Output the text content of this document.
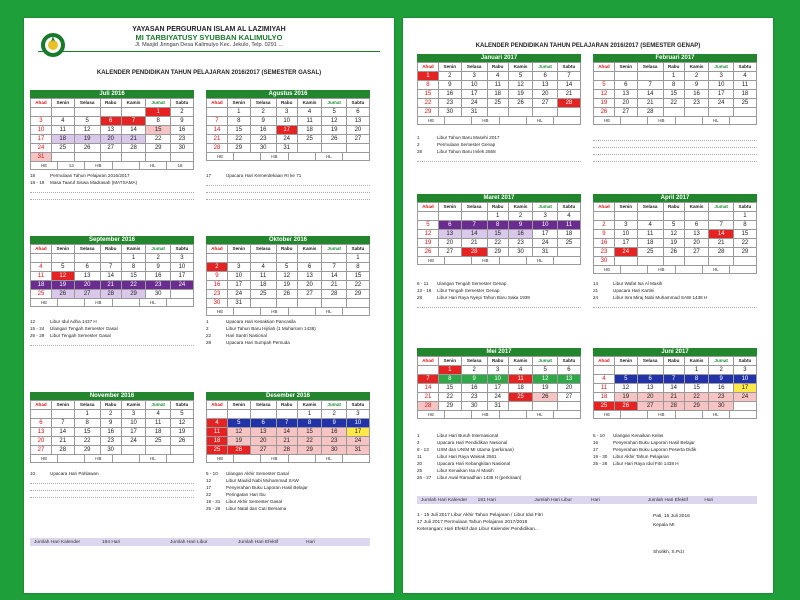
YAYASAN PERGURUAN ISLAM AL LAZIMIYAH
MI TARBIYATUSY SYUBBAN KALIMULYO
Jl. Masjid Jiringan Desa Kalimulyo Kec. Jekulo, Telp. 0291 ...
KALENDER PENDIDIKAN TAHUN PELAJARAN 2016/2017 (SEMESTER GASAL)
Juli 2016
Ahad	Senin	Selasa	Rabu	Kamis	Jumat	Sabtu
					1	2
3	4	5	6	7	8	9
10	11	12	13	14	15	16
17	18	19	20	21	22	23
24	25	26	27	28	29	30
31						
HE	13	HB	HL	18
18	Permulaan Tahun Pelajaran 2016/2017
18 - 19	Masa Taaruf Siswa Madrasah (MATSAMA)
Agustus 2016
Ahad	Senin	Selasa	Rabu	Kamis	Jumat	Sabtu
	1	2	3	4	5	6
7	8	9	10	11	12	13
14	15	16	17	18	19	20
21	22	23	24	25	26	27
28	29	30	31			
HE	HB	HL
17	Upacara Hari Kemerdekaan RI ke 71
September 2016
Ahad	Senin	Selasa	Rabu	Kamis	Jumat	Sabtu
				1	2	3
4	5	6	7	8	9	10
11	12	13	14	15	16	17
18	19	20	21	22	23	24
25	26	27	28	29	30	
HE	HB	HL
12	Libur Idul Adha 1437 H
15 - 24	Ulangan Tengah Semester Gasal
26 - 29	Libur Tengah Semester Gasal
Oktober 2016
Ahad	Senin	Selasa	Rabu	Kamis	Jumat	Sabtu
						1
2	3	4	5	6	7	8
9	10	11	12	13	14	15
16	17	18	19	20	21	22
23	24	25	26	27	28	29
30	31					
HE	HB	HL
1	Upacara Hari Kesaktian Pancasila
2	Libur Tahun Baru Hijriah (1 Muharram 1438)
22	Hari Santri Nasional
28	Upacara Hari Sumpah Pemuda
November 2016
Ahad	Senin	Selasa	Rabu	Kamis	Jumat	Sabtu
		1	2	3	4	5
6	7	8	9	10	11	12
13	14	15	16	17	18	19
20	21	22	23	24	25	26
27	28	29	30			
HE	HB	HL
10	Upacara Hari Pahlawan
Desember 2016
Ahad	Senin	Selasa	Rabu	Kamis	Jumat	Sabtu
				1	2	3
4	5	6	7	8	9	10
11	12	13	14	15	16	17
18	19	20	21	22	23	24
25	26	27	28	29	30	31
HE	HB	HL
5 - 10	Ulangan Akhir Semester Gasal
12	Libur Maulid Nabi Muhammad SAW
17	Penyerahan Buku Laporan Hasil Belajar
22	Peringatan Hari Ibu
19 - 31	Libur Akhir Semester Gasal
25 - 26	Libur Natal dan Cuti Bersama
Jumlah Hari Kalender	184 Hari	Jumlah Hari Libur	Jumlah Hari Efektif	Hari
KALENDER PENDIDIKAN TAHUN PELAJARAN 2016/2017 (SEMESTER GENAP)
Januari 2017
Ahad	Senin	Selasa	Rabu	Kamis	Jumat	Sabtu
1	2	3	4	5	6	7
8	9	10	11	12	13	14
15	16	17	18	19	20	21
22	23	24	25	26	27	28
29	30	31				
HE	HB	HL
1	Libur Tahun Baru Masehi 2017
2	Permulaan Semester Genap
28	Libur Tahun Baru Imlek 2568
Februari 2017
Ahad	Senin	Selasa	Rabu	Kamis	Jumat	Sabtu
			1	2	3	4
5	6	7	8	9	10	11
12	13	14	15	16	17	18
19	20	21	22	23	24	25
26	27	28				
HE	HB	HL
Maret 2017
Ahad	Senin	Selasa	Rabu	Kamis	Jumat	Sabtu
			1	2	3	4
5	6	7	8	9	10	11
12	13	14	15	16	17	18
19	20	21	22	23	24	25
26	27	28	29	30	31	
HE	HB	HL
6 - 11	Ulangan Tengah Semester Genap
13 - 16	Libur Tengah Semester Genap
28	Libur Hari Raya Nyepi Tahun Baru Saka 1939
April 2017
Ahad	Senin	Selasa	Rabu	Kamis	Jumat	Sabtu
						1
2	3	4	5	6	7	8
9	10	11	12	13	14	15
16	17	18	19	20	21	22
23	24	25	26	27	28	29
30						
HE	HB	HL
14	Libur Wafat Isa Al Masih
21	Upacara Hari Kartini
24	Libur Isra Miraj Nabi Muhammad SAW 1438 H
Mei 2017
Ahad	Senin	Selasa	Rabu	Kamis	Jumat	Sabtu
	1	2	3	4	5	6
7	8	9	10	11	12	13
14	15	16	17	18	19	20
21	22	23	24	25	26	27
28	29	30	31			
HE	HB	HL
1	Libur Hari Buruh Internasional
2	Upacara Hari Pendidikan Nasional
8 - 13	USM dan UN/M MI Utama (perkiraan)
11	Libur Hari Raya Waisak 2561
20	Upacara Hari Kebangkitan Nasional
25	Libur Kenaikan Isa Al Masih
26 - 27	Libur Awal Ramadhan 1438 H (perkiraan)
Juni 2017
Ahad	Senin	Selasa	Rabu	Kamis	Jumat	Sabtu
				1	2	3
4	5	6	7	8	9	10
11	12	13	14	15	16	17
18	19	20	21	22	23	24
25	26	27	28	29	30	
HE	HB	HL
5 - 10	Ulangan Kenaikan Kelas
16	Penyerahan Buku Laporan Hasil Belajar
17	Penyerahan Buku Laporan Peserta Didik
19 - 30	Libur Akhir Tahun Pelajaran
25 - 26	Libur Hari Raya Idul Fitri 1438 H
Jumlah Hari Kalender	181 Hari	Jumlah Hari Libur	Hari	Jumlah Hari Efektif	Hari
1 - 15 Juli 2017 Libur Akhir Tahun Pelajaran / Libur Idul Fitri
17 Juli 2017 Permulaan Tahun Pelajaran 2017/2018
Keterangan: Hari Efektif dan Libur Kalender Pendidikan...
Pati, 15 Juli 2016
Kepala MI

Sholikh, S.Pd.I
